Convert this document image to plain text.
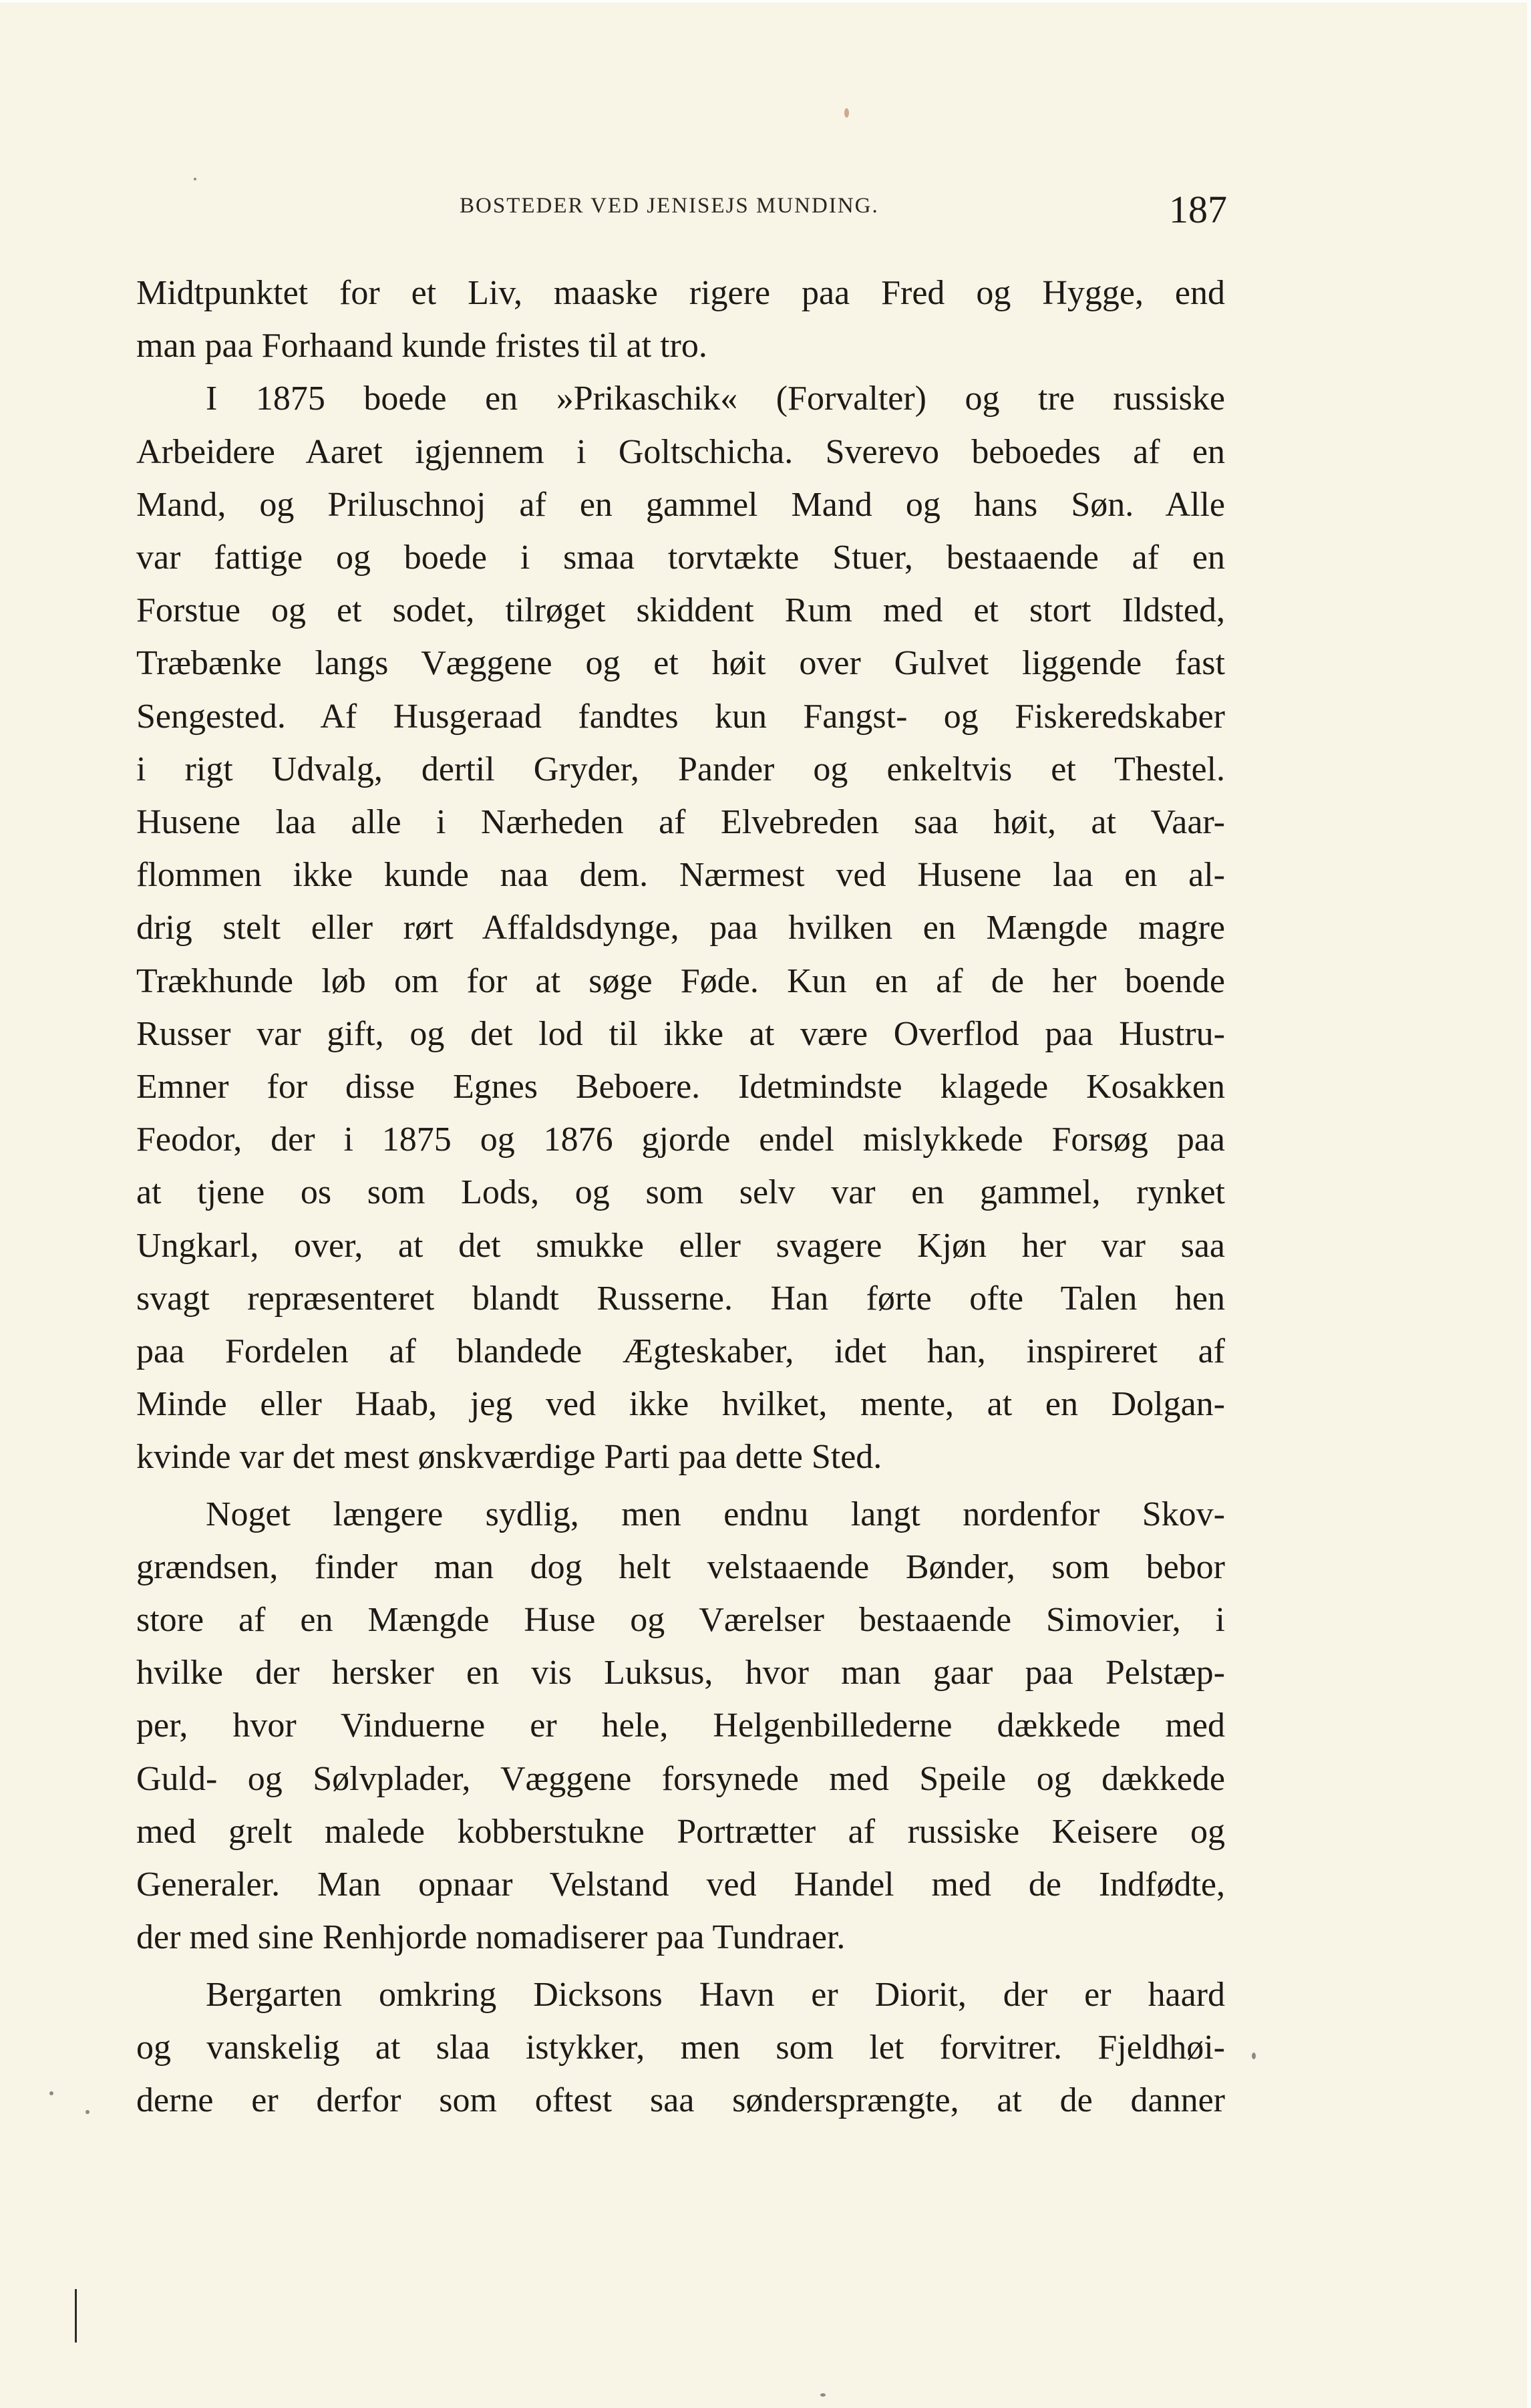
BOSTEDER VED JENISEJS MUNDING.	187

Midtpunktet for et Liv, maaske rigere paa Fred og Hygge, end

man paa Forhaand kunde fristes til at tro.

I 1875 boede en »Prikaschik« (Forvalter) og tre russiske

Arbeidere Aaret igjennem i Goltschicha. Sverevo beboedes af en

Mand, og Priluschnoj af en gammel Mand og hans Søn. Alle

var fattige og boede i smaa torvtækte Stuer, bestaaende af en

Forstue og et sodet, tilrøget skiddent Rum med et stort Ildsted,

Træbænke langs Væggene og et høit over Gulvet liggende fast

Sengested. Af Husgeraad fandtes kun Fangst- og Fiskeredskaber

i rigt Udvalg, dertil Gryder, Pander og enkeltvis et Thestel.

Husene laa alle i Nærheden af Elvebreden saa høit, at Vaar-

flommen ikke kunde naa dem. Nærmest ved Husene laa en al-

drig stelt eller rørt Affaldsdynge, paa hvilken en Mængde magre

Trækhunde løb om for at søge Føde. Kun en af de her boende

Russer var gift, og det lod til ikke at være Overflod paa Hustru-

Emner for disse Egnes Beboere. Idetmindste klagede Kosakken

Feodor, der i 1875 og 1876 gjorde endel mislykkede Forsøg paa

at tjene os som Lods, og som selv var en gammel, rynket

Ungkarl, over, at det smukke eller svagere Kjøn her var saa

svagt repræsenteret blandt Russerne. Han førte ofte Talen hen

paa Fordelen af blandede Ægteskaber, idet han, inspireret af

Minde eller Haab, jeg ved ikke hvilket, mente, at en Dolgan-

kvinde var det mest ønskværdige Parti paa dette Sted.

Noget længere sydlig, men endnu langt nordenfor Skov-

grændsen, finder man dog helt velstaaende Bønder, som bebor

store af en Mængde Huse og Værelser bestaaende Simovier, i

hvilke der hersker en vis Luksus, hvor man gaar paa Pelstæp-

per, hvor Vinduerne er hele, Helgenbillederne dækkede med

Guld- og Sølvplader, Væggene forsynede med Speile og dækkede

med grelt malede kobberstukne Portrætter af russiske Keisere og

Generaler. Man opnaar Velstand ved Handel med de Indfødte,

der med sine Renhjorde nomadiserer paa Tundraer.

Bergarten omkring Dicksons Havn er Diorit, der er haard

og vanskelig at slaa istykker, men som let forvitrer. Fjeldhøi-

derne er derfor som oftest saa søndersprængte, at de danner
